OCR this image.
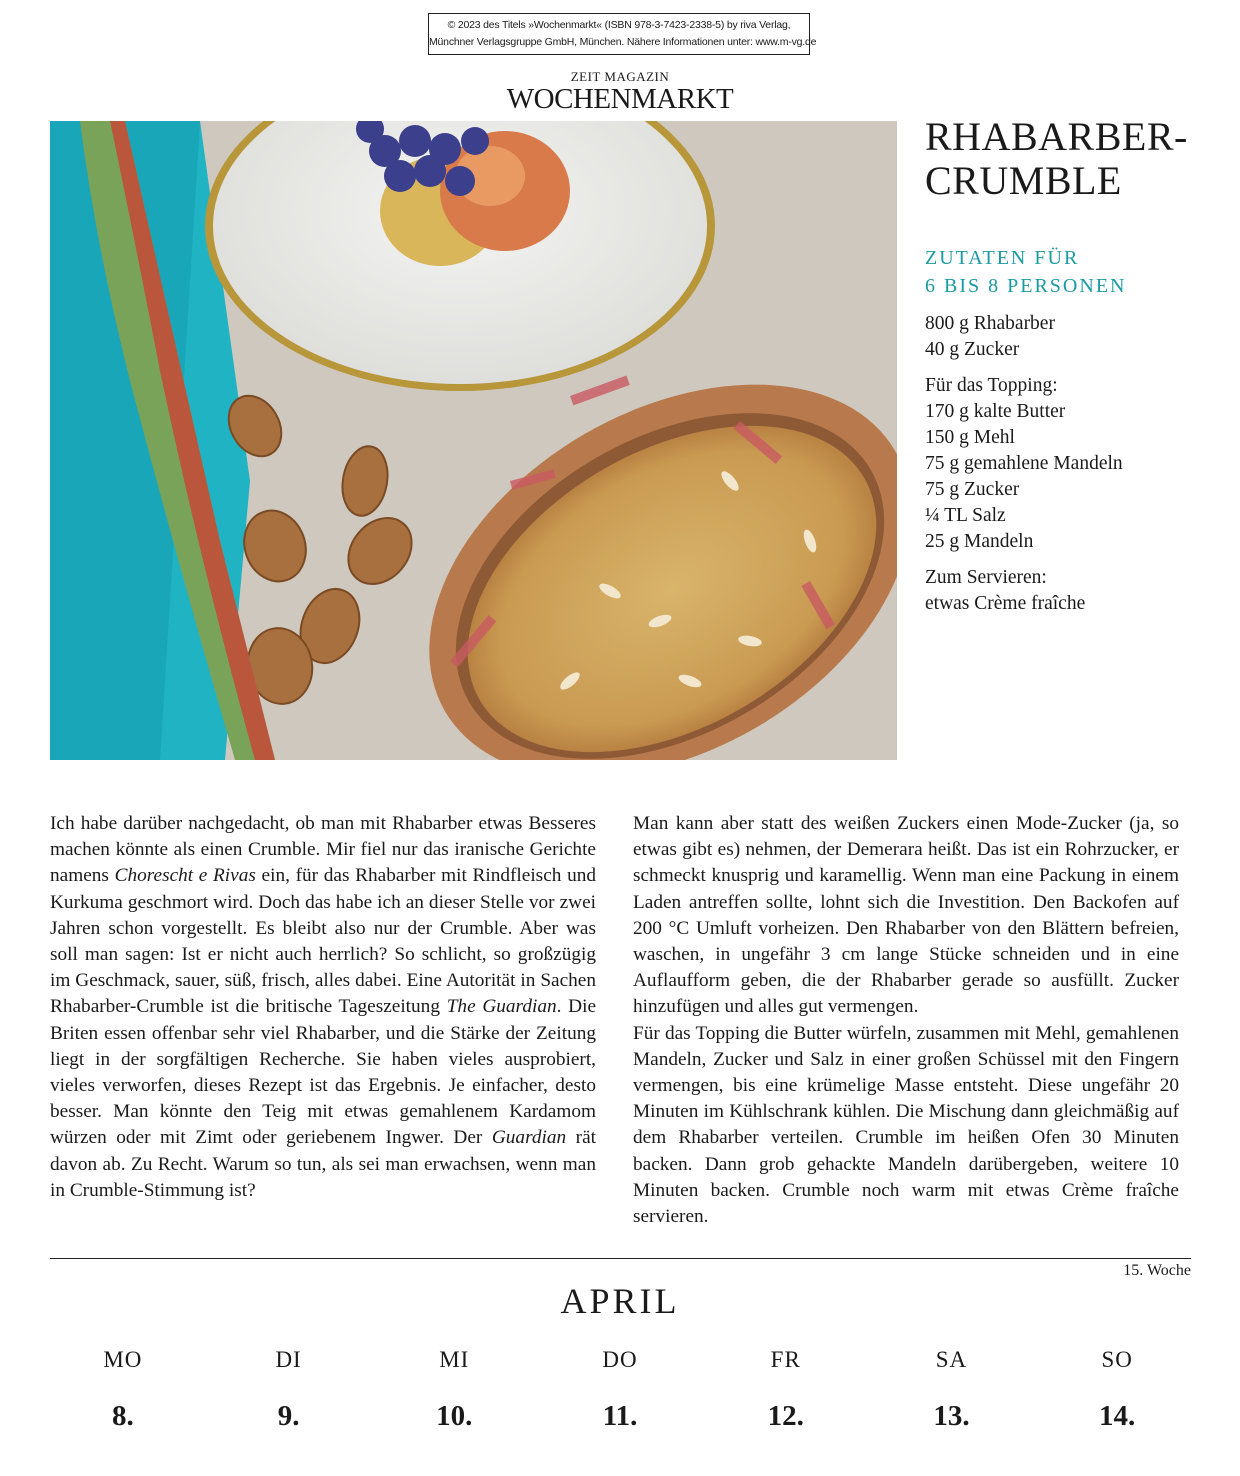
© 2023 des Titels »Wochenmarkt« (ISBN 978-3-7423-2338-5) by riva Verlag,
Münchner Verlagsgruppe GmbH, München. Nähere Informationen unter: www.m-vg.de
ZEIT MAGAZIN
WOCHENMARKT
RHABARBER-
CRUMBLE
ZUTATEN FÜR
6 BIS 8 PERSONEN
800 g Rhabarber
40 g Zucker
Für das Topping:
170 g kalte Butter
150 g Mehl
75 g gemahlene Mandeln
75 g Zucker
¼ TL Salz
25 g Mandeln
Zum Servieren:
etwas Crème fraîche

Ich habe darüber nachgedacht, ob man mit Rhabarber etwas Besseres machen könnte als einen Crumble. Mir fiel nur das iranische Gerichte namens Chorescht e Rivas ein, für das Rhabarber mit Rindfleisch und Kurkuma geschmort wird. Doch das habe ich an dieser Stelle vor zwei Jahren schon vorgestellt. Es bleibt also nur der Crumble. Aber was soll man sagen: Ist er nicht auch herrlich? So schlicht, so großzügig im Geschmack, sauer, süß, frisch, alles dabei. Eine Autorität in Sachen Rhabarber-Crumble ist die britische Tageszeitung The Guardian. Die Briten essen offenbar sehr viel Rhabarber, und die Stärke der Zeitung liegt in der sorgfältigen Recherche. Sie haben vieles ausprobiert, vieles verworfen, dieses Rezept ist das Ergebnis. Je einfacher, desto besser. Man könnte den Teig mit etwas gemahlenem Kardamom würzen oder mit Zimt oder geriebenem Ingwer. Der Guardian rät davon ab. Zu Recht. Warum so tun, als sei man erwachsen, wenn man in Crumble-Stimmung ist?

Man kann aber statt des weißen Zuckers einen Mode-Zucker (ja, so etwas gibt es) nehmen, der Demerara heißt. Das ist ein Rohrzucker, er schmeckt knusprig und karamellig. Wenn man eine Packung in einem Laden antreffen sollte, lohnt sich die Investition. Den Backofen auf 200 °C Umluft vorheizen. Den Rhabarber von den Blättern befreien, waschen, in ungefähr 3 cm lange Stücke schneiden und in eine Auflaufform geben, die der Rhabarber gerade so ausfüllt. Zucker hinzufügen und alles gut vermengen.

Für das Topping die Butter würfeln, zusammen mit Mehl, gemahlenen Mandeln, Zucker und Salz in einer großen Schüssel mit den Fingern vermengen, bis eine krümelige Masse entsteht. Diese ungefähr 20 Minuten im Kühlschrank kühlen. Die Mischung dann gleichmäßig auf dem Rhabarber verteilen. Crumble im heißen Ofen 30 Minuten backen. Dann grob gehackte Mandeln darübergeben, weitere 10 Minuten backen. Crumble noch warm mit etwas Crème fraîche servieren.

15. Woche
APRIL
MO
8.
DI
9.
MI
10.
DO
11.
FR
12.
SA
13.
SO
14.
